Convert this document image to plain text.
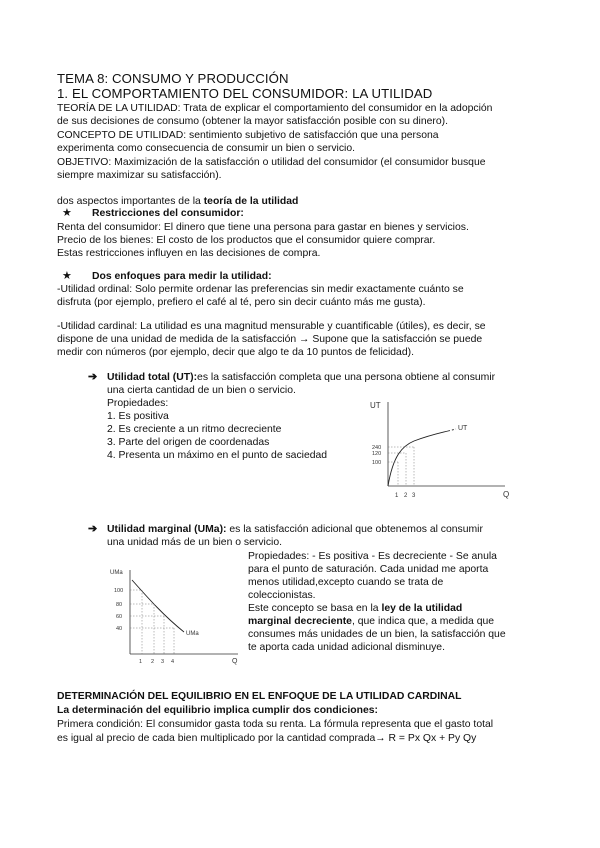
TEMA 8: CONSUMO Y PRODUCCIÓN
1. EL COMPORTAMIENTO DEL CONSUMIDOR: LA UTILIDAD
TEORÍA DE LA UTILIDAD: Trata de explicar el comportamiento del consumidor en la adopción
de sus decisiones de consumo (obtener la mayor satisfacción posible con su dinero).
CONCEPTO DE UTILIDAD: sentimiento subjetivo de satisfacción que una persona
experimenta como consecuencia de consumir un bien o servicio.
OBJETIVO: Maximización de la satisfacción o utilidad del consumidor (el consumidor busque
siempre maximizar su satisfacción).
dos aspectos importantes de la teoría de la utilidad
★ Restricciones del consumidor:
Renta del consumidor: El dinero que tiene una persona para gastar en bienes y servicios.
Precio de los bienes: El costo de los productos que el consumidor quiere comprar.
Estas restricciones influyen en las decisiones de compra.
★ Dos enfoques para medir la utilidad:
-Utilidad ordinal: Solo permite ordenar las preferencias sin medir exactamente cuánto se
disfruta (por ejemplo, prefiero el café al té, pero sin decir cuánto más me gusta).
-Utilidad cardinal: La utilidad es una magnitud mensurable y cuantificable (útiles), es decir, se
dispone de una unidad de medida de la satisfacción → Supone que la satisfacción se puede
medir con números (por ejemplo, decir que algo te da 10 puntos de felicidad).
➔ Utilidad total (UT):es la satisfacción completa que una persona obtiene al consumir
una cierta cantidad de un bien o servicio.
Propiedades:
1. Es positiva
2. Es creciente a un ritmo decreciente
3. Parte del origen de coordenadas
4. Presenta un máximo en el punto de saciedad
UT
240
120
100
1 2 3	Q
UT
➔ Utilidad marginal (UMa): es la satisfacción adicional que obtenemos al consumir
una unidad más de un bien o servicio.
Propiedades: - Es positiva - Es decreciente - Se anula
para el punto de saturación. Cada unidad me aporta
menos utilidad,excepto cuando se trata de
coleccionistas.
Este concepto se basa en la ley de la utilidad
marginal decreciente, que indica que, a medida que
consumes más unidades de un bien, la satisfacción que
te aporta cada unidad adicional disminuye.
UMa
100
80
60
40
1 2 3 4	Q
UMa
DETERMINACIÓN DEL EQUILIBRIO EN EL ENFOQUE DE LA UTILIDAD CARDINAL
La determinación del equilibrio implica cumplir dos condiciones:
Primera condición: El consumidor gasta toda su renta. La fórmula representa que el gasto total
es igual al precio de cada bien multiplicado por la cantidad comprada→ R = Px Qx + Py Qy
